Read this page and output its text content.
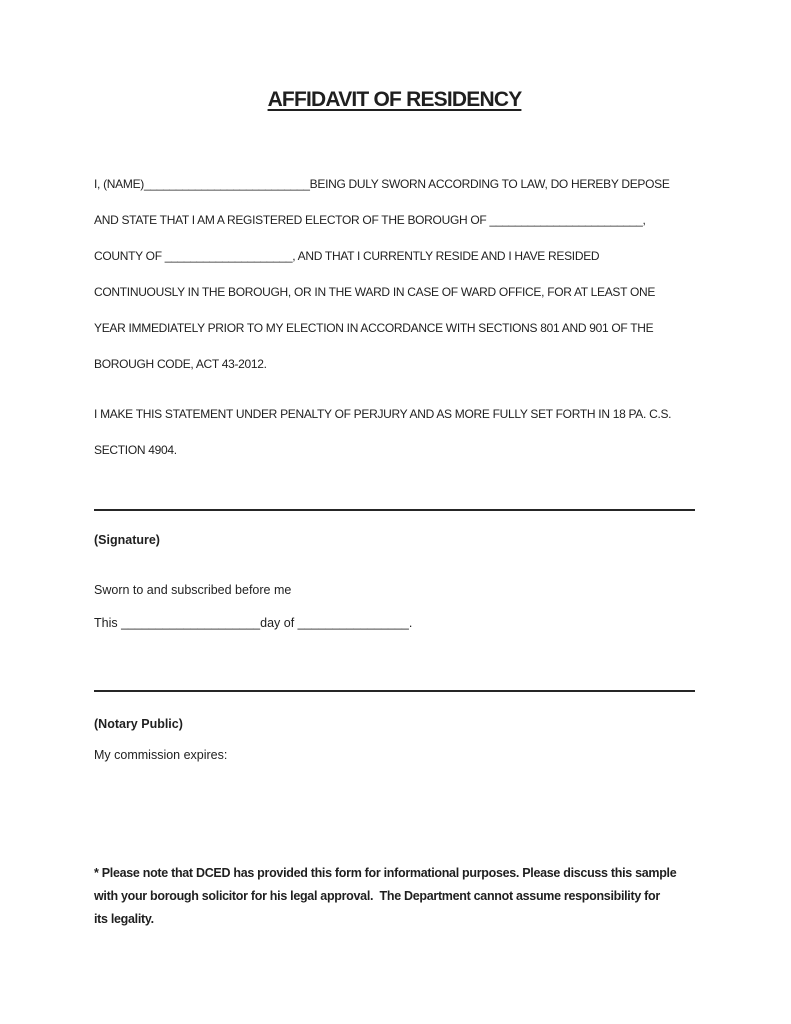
AFFIDAVIT OF RESIDENCY
I, (NAME)__________________________BEING DULY SWORN ACCORDING TO LAW, DO HEREBY DEPOSE
AND STATE THAT I AM A REGISTERED ELECTOR OF THE BOROUGH OF ________________________,
COUNTY OF ____________________, AND THAT I CURRENTLY RESIDE AND I HAVE RESIDED
CONTINUOUSLY IN THE BOROUGH, OR IN THE WARD IN CASE OF WARD OFFICE, FOR AT LEAST ONE
YEAR IMMEDIATELY PRIOR TO MY ELECTION IN ACCORDANCE WITH SECTIONS 801 AND 901 OF THE
BOROUGH CODE, ACT 43-2012.
I MAKE THIS STATEMENT UNDER PENALTY OF PERJURY AND AS MORE FULLY SET FORTH IN 18 PA. C.S.
SECTION 4904.
(Signature)
Sworn to and subscribed before me
This ____________________day of ________________.
(Notary Public)
My commission expires:
* Please note that DCED has provided this form for informational purposes. Please discuss this sample
with your borough solicitor for his legal approval.  The Department cannot assume responsibility for
its legality.
